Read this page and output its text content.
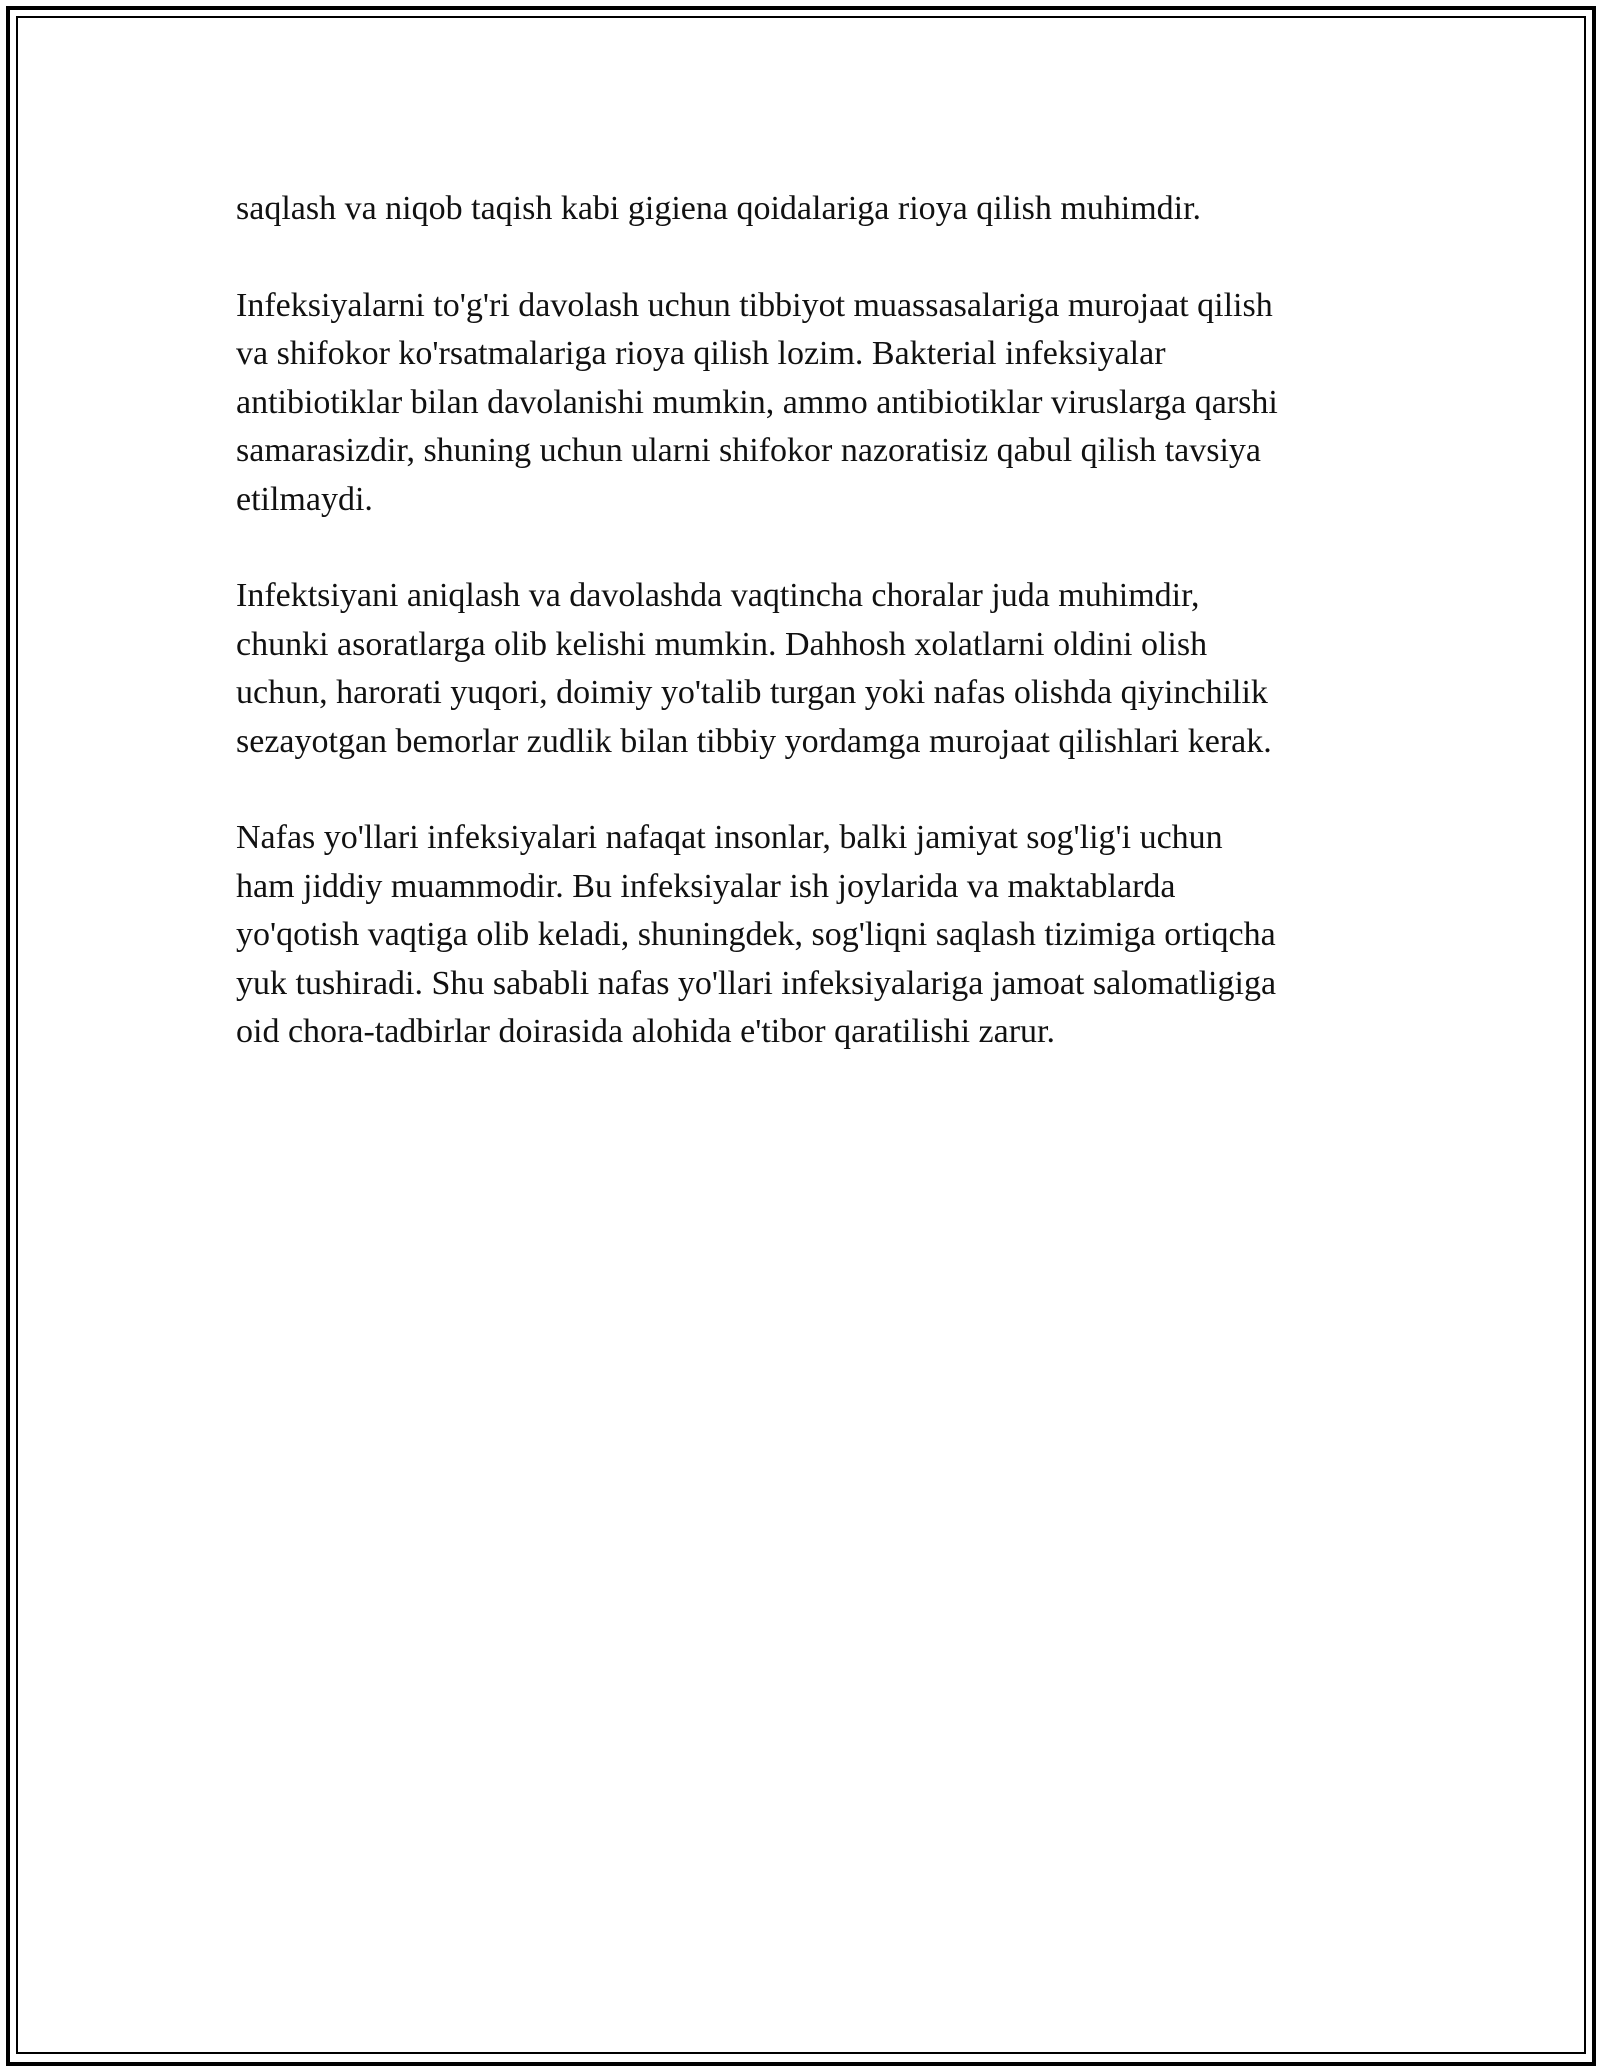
saqlash va niqob taqish kabi gigiena qoidalariga rioya qilish muhimdir.

Infeksiyalarni to'g'ri davolash uchun tibbiyot muassasalariga murojaat qilish
va shifokor ko'rsatmalariga rioya qilish lozim. Bakterial infeksiyalar
antibiotiklar bilan davolanishi mumkin, ammo antibiotiklar viruslarga qarshi
samarasizdir, shuning uchun ularni shifokor nazoratisiz qabul qilish tavsiya
etilmaydi.

Infektsiyani aniqlash va davolashda vaqtincha choralar juda muhimdir,
chunki asoratlarga olib kelishi mumkin. Dahhosh xolatlarni oldini olish
uchun, harorati yuqori, doimiy yo'talib turgan yoki nafas olishda qiyinchilik
sezayotgan bemorlar zudlik bilan tibbiy yordamga murojaat qilishlari kerak.

Nafas yo'llari infeksiyalari nafaqat insonlar, balki jamiyat sog'lig'i uchun
ham jiddiy muammodir. Bu infeksiyalar ish joylarida va maktablarda
yo'qotish vaqtiga olib keladi, shuningdek, sog'liqni saqlash tizimiga ortiqcha
yuk tushiradi. Shu sababli nafas yo'llari infeksiyalariga jamoat salomatligiga
oid chora-tadbirlar doirasida alohida e'tibor qaratilishi zarur.
